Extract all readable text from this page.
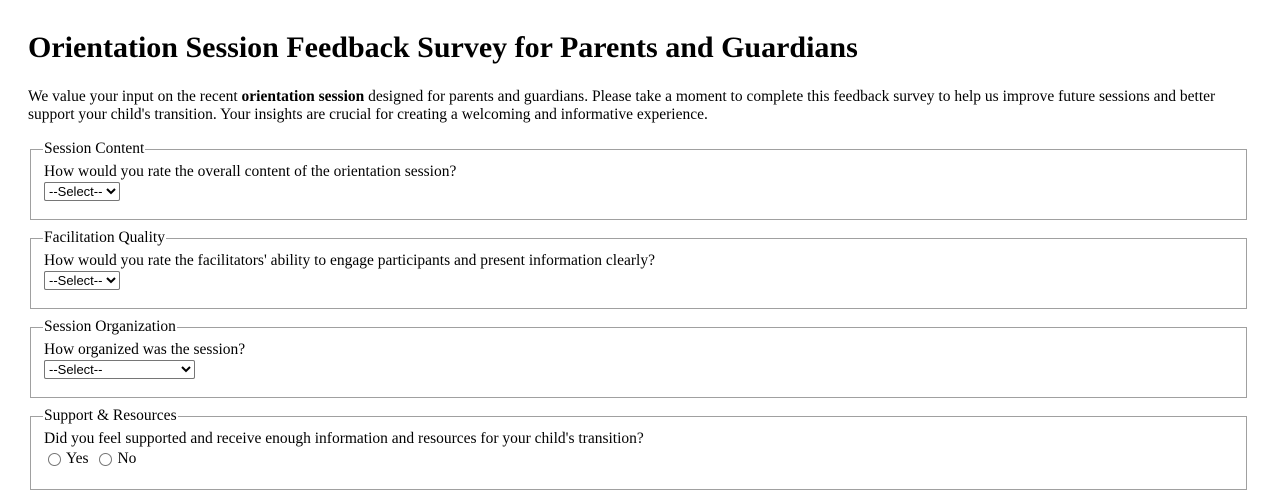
Orientation Session Feedback Survey for Parents and Guardians

We value your input on the recent orientation session designed for parents and guardians. Please take a moment to complete this feedback survey to help us improve future sessions and better support your child's transition. Your insights are crucial for creating a welcoming and informative experience.

Session Content
How would you rate the overall content of the orientation session?
--Select--
Facilitation Quality
How would you rate the facilitators' ability to engage participants and present information clearly?
--Select--
Session Organization
How organized was the session?
--Select--
Support & Resources
Did you feel supported and receive enough information and resources for your child's transition?
Yes
No
